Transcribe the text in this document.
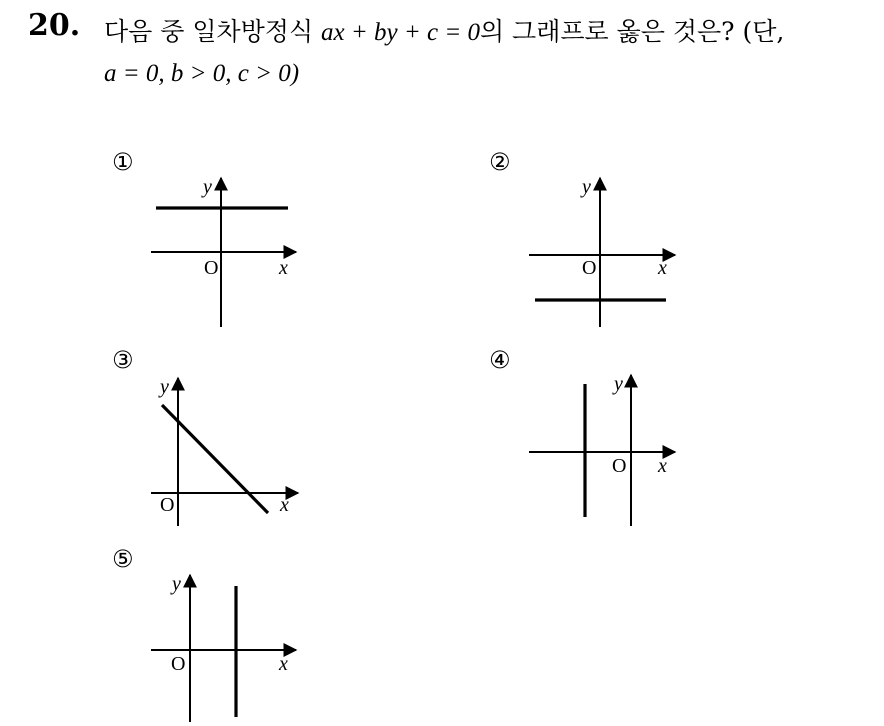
20. 다음 중 일차방정식 ax + by + c = 0의 그래프로 옳은 것은? (단,
a = 0, b > 0, c > 0)
①	②
③	④
⑤
O	x
y
O	x
y
O	x
y
O x
y
O	x
y
